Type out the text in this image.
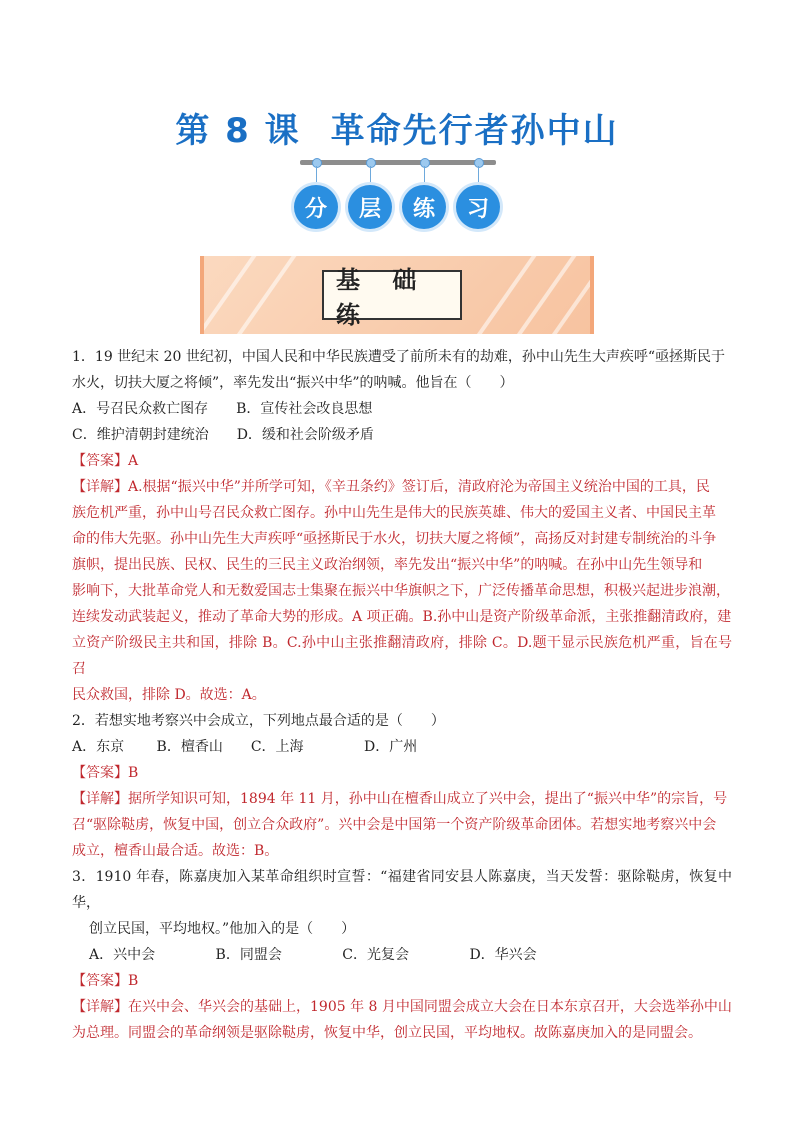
第 8 课 革命先行者孙中山
分	层	练	习
基 础 练

1．19 世纪末 20 世纪初，中国人民和中华民族遭受了前所未有的劫难，孙中山先生大声疾呼“亟拯斯民于

水火，切扶大厦之将倾”，率先发出“振兴中华”的呐喊。他旨在（　　）

A．号召民众救亡图存　　B．宣传社会改良思想

C．维护清朝封建统治　　D．缓和社会阶级矛盾

【答案】A

【详解】A.根据“振兴中华”并所学可知，《辛丑条约》签订后，清政府沦为帝国主义统治中国的工具，民

族危机严重，孙中山号召民众救亡图存。孙中山先生是伟大的民族英雄、伟大的爱国主义者、中国民主革

命的伟大先驱。孙中山先生大声疾呼“亟拯斯民于水火，切扶大厦之将倾”，高扬反对封建专制统治的斗争

旗帜，提出民族、民权、民生的三民主义政治纲领，率先发出“振兴中华”的呐喊。在孙中山先生领导和

影响下，大批革命党人和无数爱国志士集聚在振兴中华旗帜之下，广泛传播革命思想，积极兴起进步浪潮，

连续发动武装起义，推动了革命大势的形成。A 项正确。B.孙中山是资产阶级革命派，主张推翻清政府，建

立资产阶级民主共和国，排除 B。C.孙中山主张推翻清政府，排除 C。D.题干显示民族危机严重，旨在号召

民众救国，排除 D。故选：A。

2．若想实地考察兴中会成立，下列地点最合适的是（　　）

A．东京　　 B．檀香山　　C．上海　　　　 D．广州

【答案】B

【详解】据所学知识可知，1894 年 11 月，孙中山在檀香山成立了兴中会，提出了“振兴中华”的宗旨，号

召“驱除鞑虏，恢复中国，创立合众政府”。兴中会是中国第一个资产阶级革命团体。若想实地考察兴中会

成立，檀香山最合适。故选：B。

3．1910 年春，陈嘉庚加入某革命组织时宣誓：“福建省同安县人陈嘉庚，当天发誓：驱除鞑虏，恢复中华，

创立民国，平均地权。”他加入的是（　　）

A．兴中会　　　　 B．同盟会　　　　 C．光复会　　　　 D．华兴会

【答案】B

【详解】在兴中会、华兴会的基础上，1905 年 8 月中国同盟会成立大会在日本东京召开，大会选举孙中山

为总理。同盟会的革命纲领是驱除鞑虏，恢复中华，创立民国，平均地权。故陈嘉庚加入的是同盟会。
